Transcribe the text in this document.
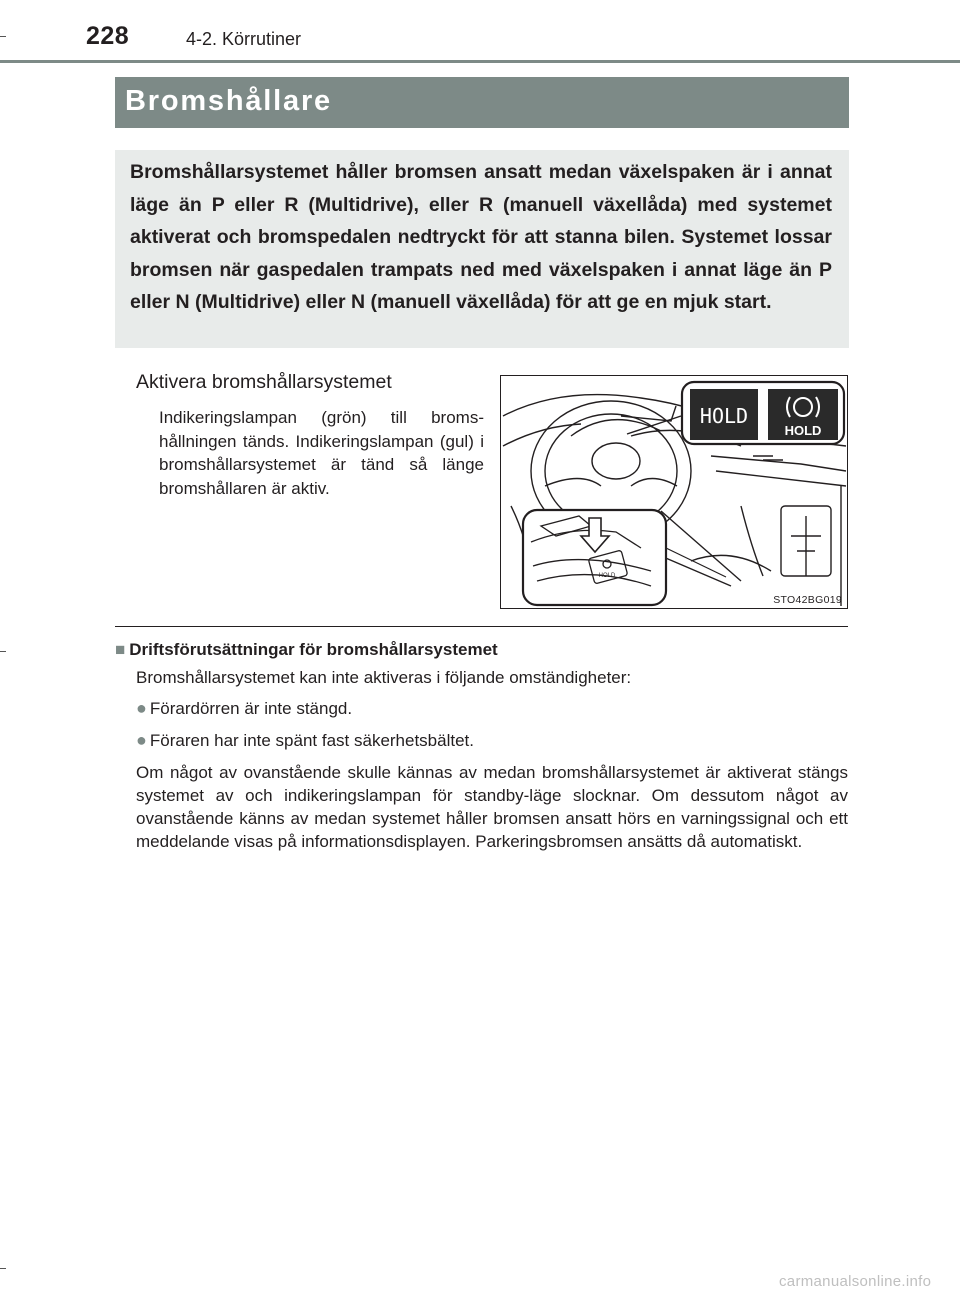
228	4-2. Körrutiner
Bromshållare

Bromshållarsystemet håller bromsen ansatt medan växelspaken är i annat läge än P eller R (Multidrive), eller R (manuell växellåda) med systemet aktiverat och bromspedalen nedtryckt för att stanna bilen. Systemet lossar bromsen när gaspedalen trampats ned med växelspaken i annat läge än P eller N (Multidrive) eller N (manuell växellåda) för att ge en mjuk start.

Aktivera bromshållarsystemet

Indikeringslampan (grön) till bromshållningen tänds. Indikeringslampan (gul) i bromshållarsystemet är tänd så länge bromshållaren är aktiv.

HOLD
HOLD
HOLD
STO42BG019
■ Driftsförutsättningar för bromshållarsystemet

Bromshållarsystemet kan inte aktiveras i följande omständigheter:

● Förardörren är inte stängd.
● Föraren har inte spänt fast säkerhetsbältet.

Om något av ovanstående skulle kännas av medan bromshållarsystemet är aktiverat stängs systemet av och indikeringslampan för standby-läge slocknar. Om dessutom något av ovanstående känns av medan systemet håller bromsen ansatt hörs en varningssignal och ett meddelande visas på informationsdisplayen. Parkeringsbromsen ansätts då automatiskt.

carmanualsonline.info
